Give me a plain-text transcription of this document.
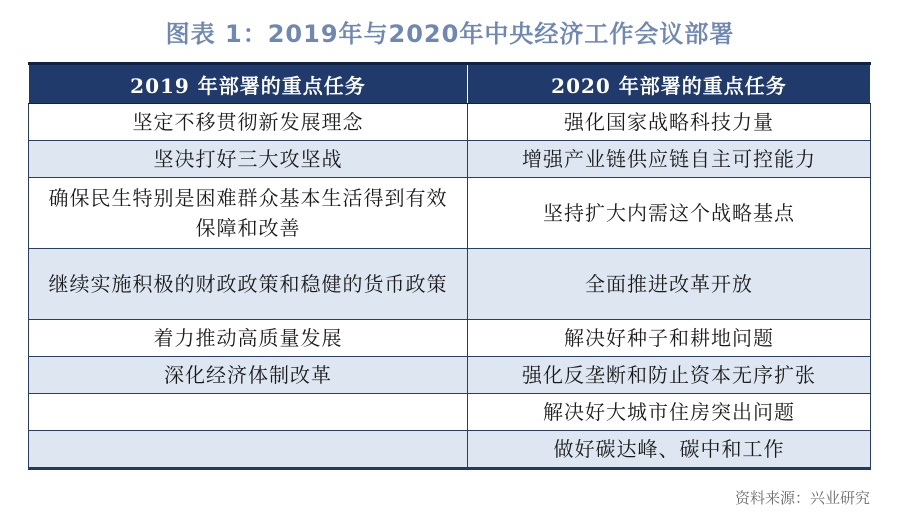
图表 1：2019年与2020年中央经济工作会议部署
2019 年部署的重点任务	2020 年部署的重点任务
坚定不移贯彻新发展理念	强化国家战略科技力量
坚决打好三大攻坚战	增强产业链供应链自主可控能力
确保民生特别是困难群众基本生活得到有效保障和改善	坚持扩大内需这个战略基点
继续实施积极的财政政策和稳健的货币政策	全面推进改革开放
着力推动高质量发展	解决好种子和耕地问题
深化经济体制改革	强化反垄断和防止资本无序扩张
	解决好大城市住房突出问题
	做好碳达峰、碳中和工作
资料来源：兴业研究
